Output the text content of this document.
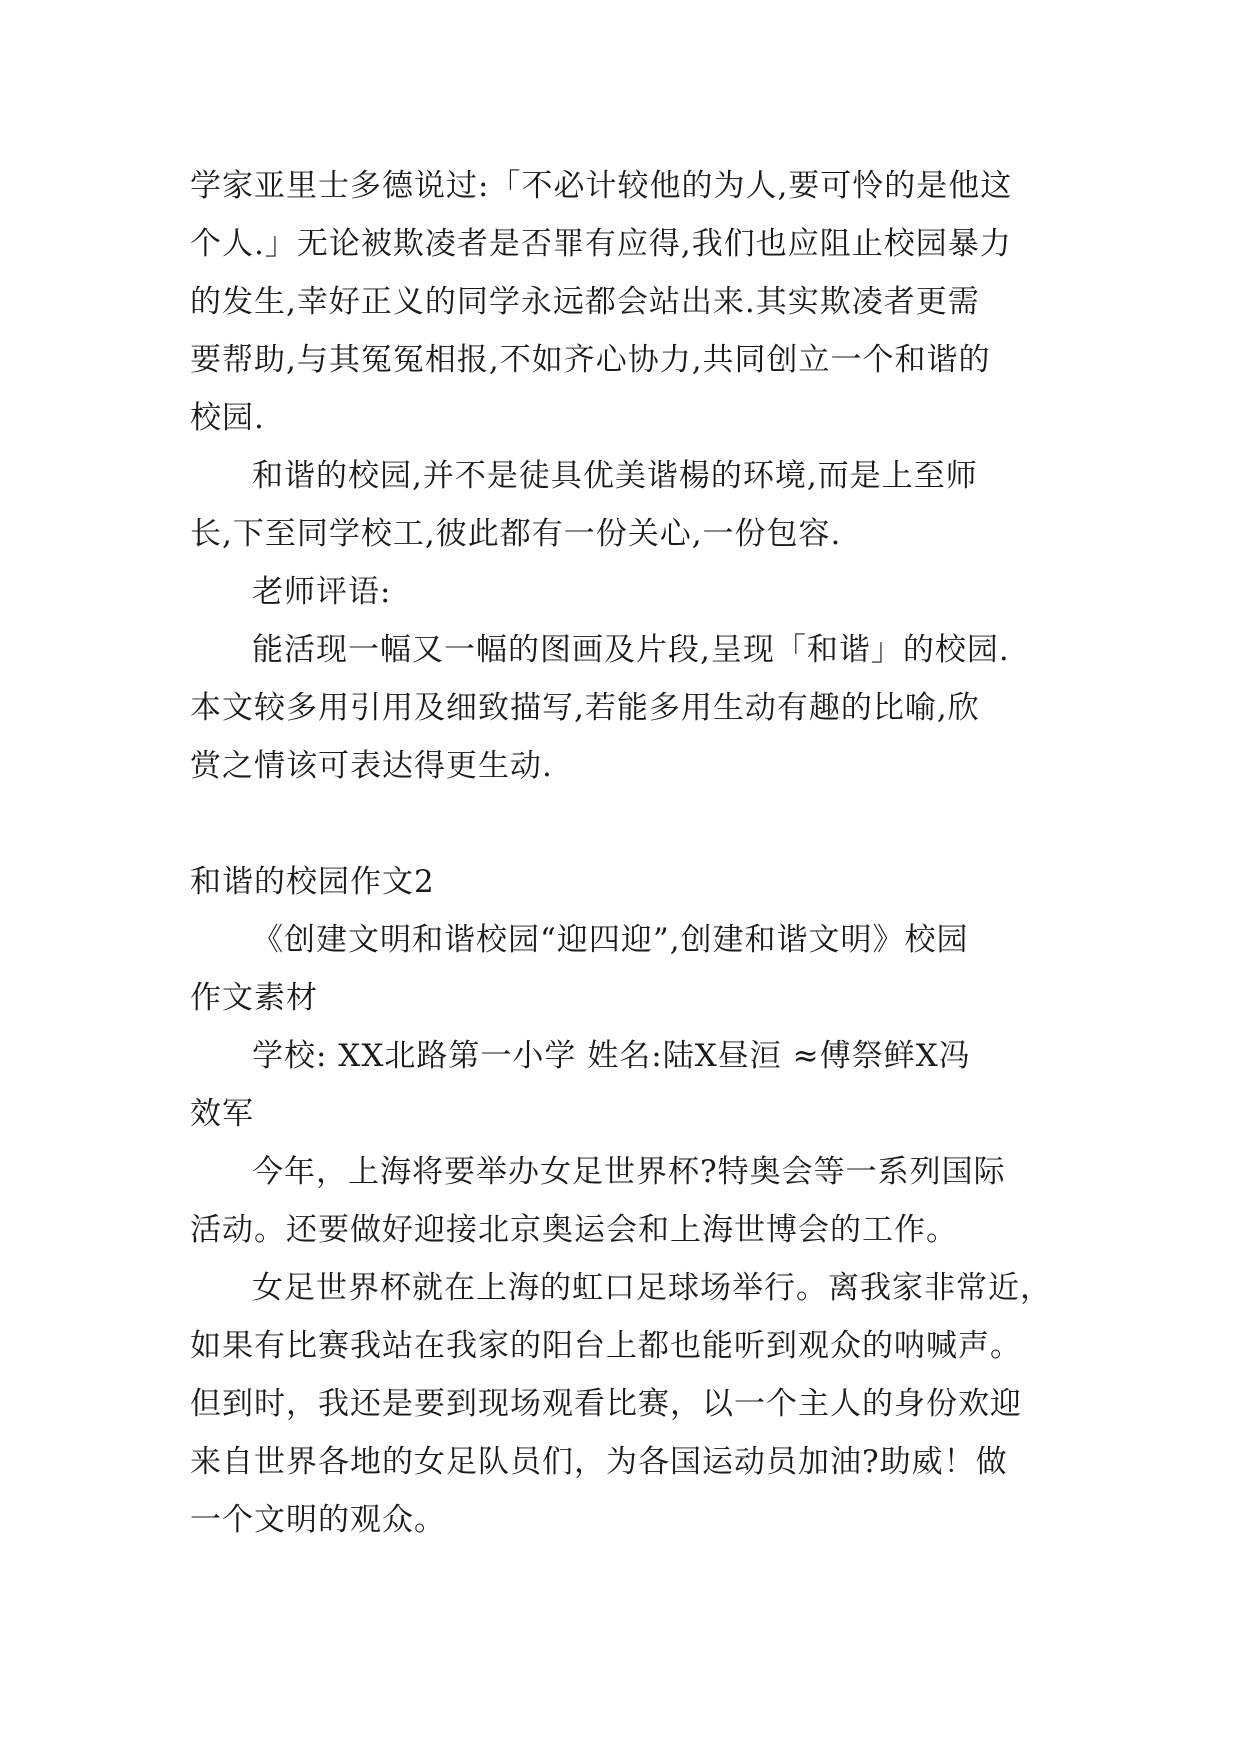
学家亚里士多德说过:「不必计较他的为人,要可怜的是他这
个人.」无论被欺凌者是否罪有应得,我们也应阻止校园暴力
的发生,幸好正义的同学永远都会站出来.其实欺凌者更需
要帮助,与其冤冤相报,不如齐心协力,共同创立一个和谐的
校园.
和谐的校园,并不是徒具优美谐楊的环境,而是上至师
长,下至同学校工,彼此都有一份关心,一份包容.
老师评语:
能活现一幅又一幅的图画及片段,呈现「和谐」的校园.
本文较多用引用及细致描写,若能多用生动有趣的比喻,欣
赏之情该可表达得更生动.
和谐的校园作文2
《创建文明和谐校园“迎四迎”,创建和谐文明》校园
作文素材
学校: XX北路第一小学 姓名:陆X昼洹 ≈傅祭鲜X冯
效军
今年，上海将要举办女足世界杯?特奥会等一系列国际
活动。还要做好迎接北京奥运会和上海世博会的工作。
女足世界杯就在上海的虹口足球场举行。离我家非常近，
如果有比赛我站在我家的阳台上都也能听到观众的呐喊声。
但到时，我还是要到现场观看比赛，以一个主人的身份欢迎
来自世界各地的女足队员们，为各国运动员加油?助威！做
一个文明的观众。
